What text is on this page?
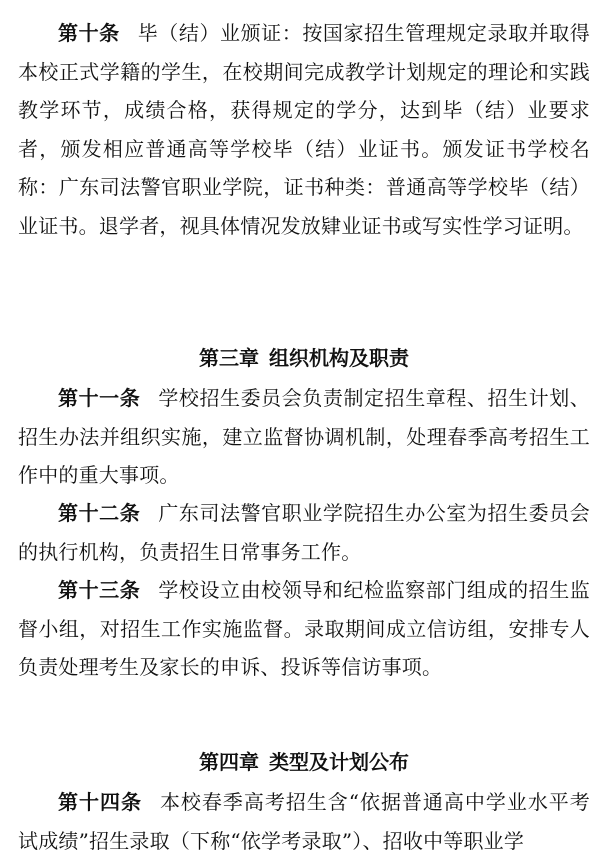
第十条 毕（结）业颁证：按国家招生管理规定录取并取得本校正式学籍的学生，在校期间完成教学计划规定的理论和实践教学环节，成绩合格，获得规定的学分，达到毕（结）业要求者，颁发相应普通高等学校毕（结）业证书。颁发证书学校名称：广东司法警官职业学院，证书种类：普通高等学校毕（结）业证书。退学者，视具体情况发放肄业证书或写实性学习证明。

第三章 组织机构及职责

第十一条 学校招生委员会负责制定招生章程、招生计划、招生办法并组织实施，建立监督协调机制，处理春季高考招生工作中的重大事项。

第十二条 广东司法警官职业学院招生办公室为招生委员会的执行机构，负责招生日常事务工作。

第十三条 学校设立由校领导和纪检监察部门组成的招生监督小组，对招生工作实施监督。录取期间成立信访组，安排专人负责处理考生及家长的申诉、投诉等信访事项。

第四章 类型及计划公布

第十四条 本校春季高考招生含“依据普通高中学业水平考试成绩”招生录取（下称“依学考录取”）、招收中等职业学
